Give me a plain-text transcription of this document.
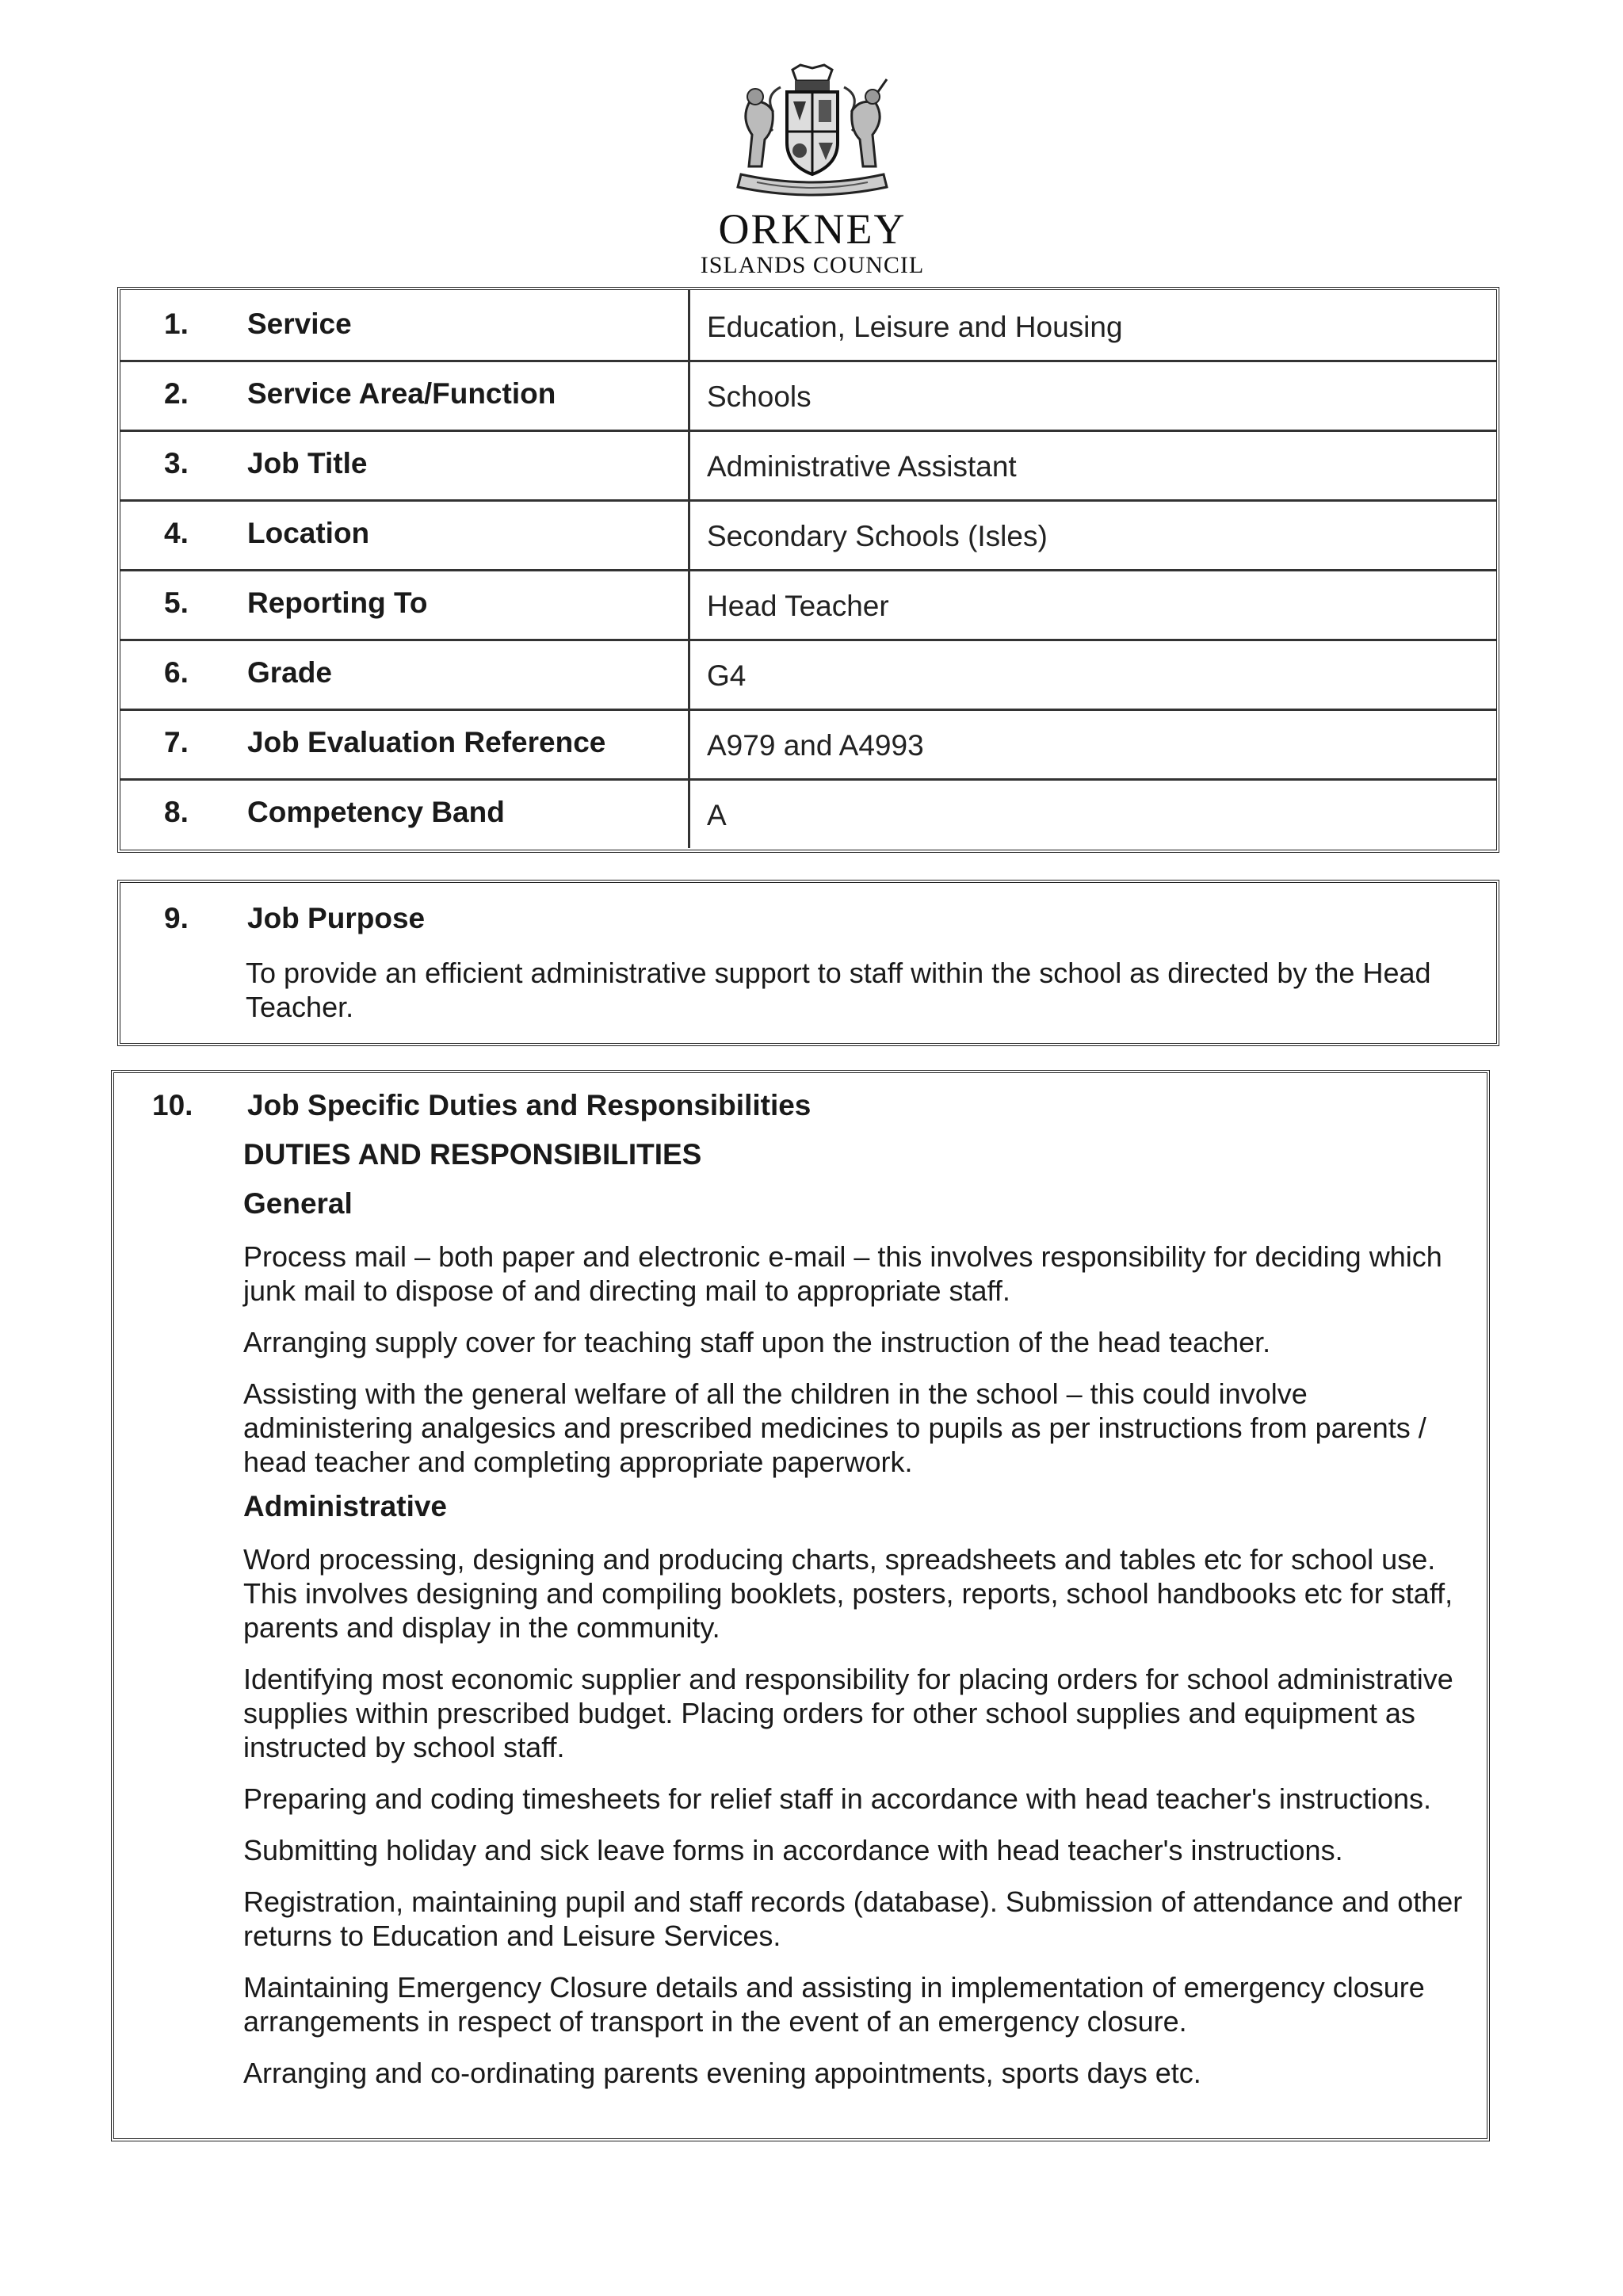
ORKNEY
ISLANDS COUNCIL
1. Service	Education, Leisure and Housing
2. Service Area/Function	Schools
3. Job Title	Administrative Assistant
4. Location	Secondary Schools (Isles)
5. Reporting To	Head Teacher
6. Grade	G4
7. Job Evaluation Reference	A979 and A4993
8. Competency Band	A
9. Job Purpose
To provide an efficient administrative support to staff within the school as directed by the Head Teacher.
10. Job Specific Duties and Responsibilities
DUTIES AND RESPONSIBILITIES
General

Process mail – both paper and electronic e-mail – this involves responsibility for deciding which junk mail to dispose of and directing mail to appropriate staff.

Arranging supply cover for teaching staff upon the instruction of the head teacher.

Assisting with the general welfare of all the children in the school – this could involve administering analgesics and prescribed medicines to pupils as per instructions from parents / head teacher and completing appropriate paperwork.

Administrative

Word processing, designing and producing charts, spreadsheets and tables etc for school use. This involves designing and compiling booklets, posters, reports, school handbooks etc for staff, parents and display in the community.

Identifying most economic supplier and responsibility for placing orders for school administrative supplies within prescribed budget. Placing orders for other school supplies and equipment as instructed by school staff.

Preparing and coding timesheets for relief staff in accordance with head teacher's instructions.

Submitting holiday and sick leave forms in accordance with head teacher's instructions.

Registration, maintaining pupil and staff records (database). Submission of attendance and other returns to Education and Leisure Services.

Maintaining Emergency Closure details and assisting in implementation of emergency closure arrangements in respect of transport in the event of an emergency closure.

Arranging and co-ordinating parents evening appointments, sports days etc.
